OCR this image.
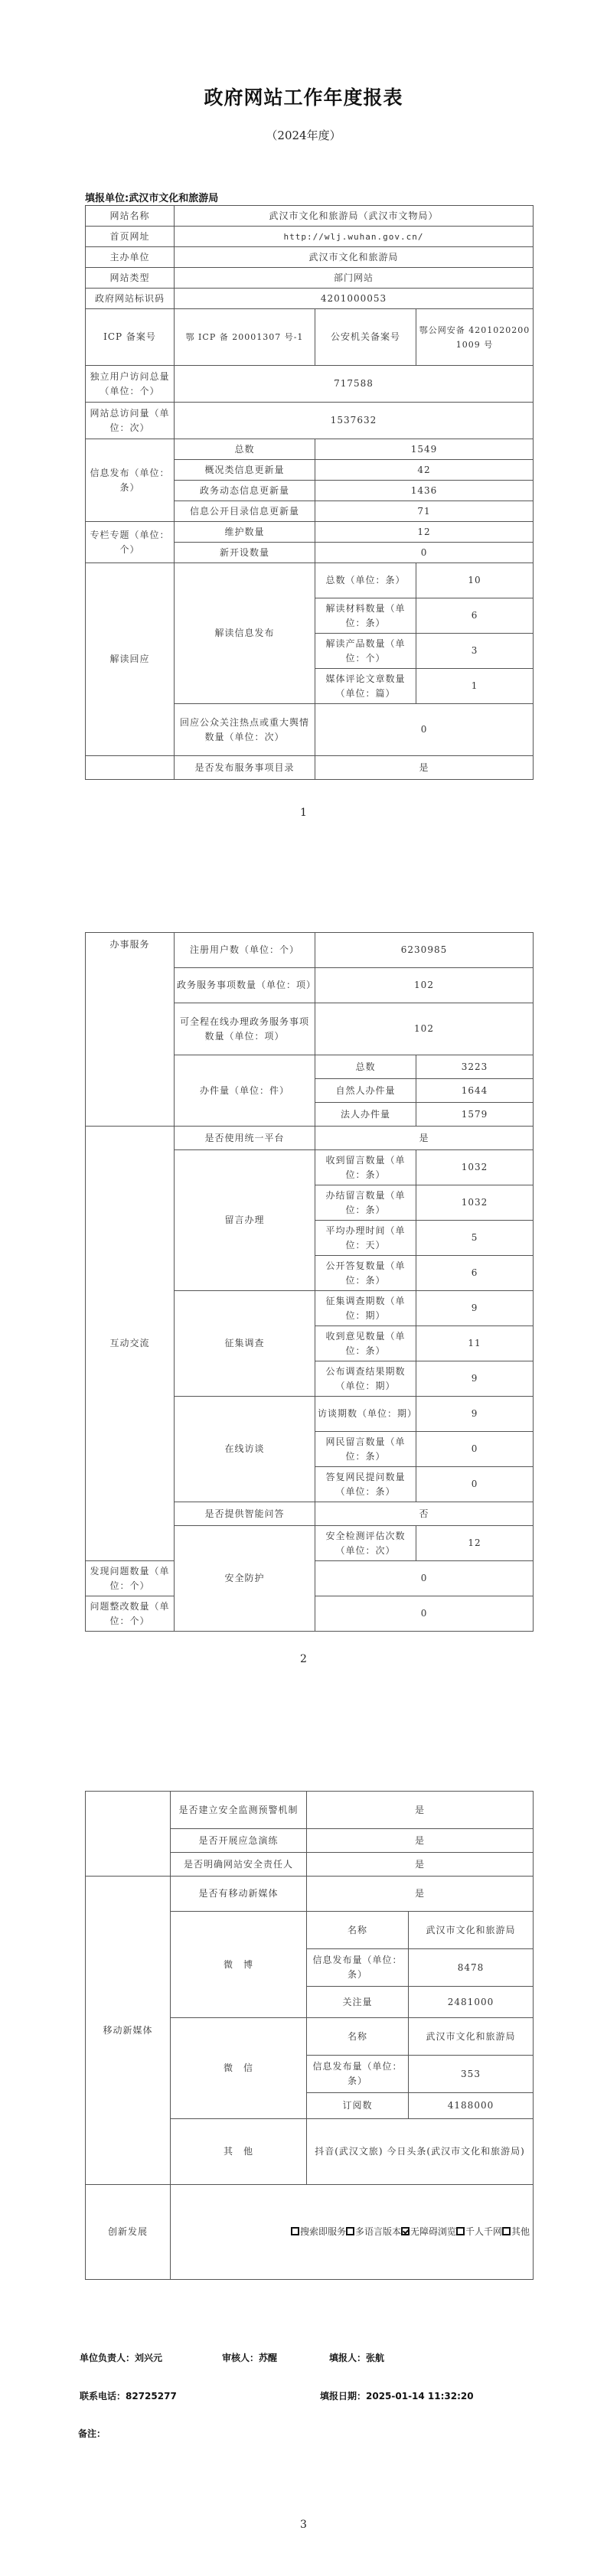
政府网站工作年度报表
（2024年度）
填报单位:武汉市文化和旅游局
网站名称	武汉市文化和旅游局（武汉市文物局）		
首页网址	http://wlj.wuhan.gov.cn/		
主办单位	武汉市文化和旅游局		
网站类型	部门网站		
政府网站标识码	4201000053		
ICP 备案号	鄂 ICP 备 20001307 号-1	公安机关备案号	鄂公网安备 42010202001009 号
独立用户访问总量（单位：个）	717588		
网站总访问量（单位：次）	1537632		
信息发布（单位：条）	总数	1549	
	概况类信息更新量	42	
	政务动态信息更新量	1436	
	信息公开目录信息更新量	71	
专栏专题（单位：个）	维护数量	12	
	新开设数量	0	
解读回应	解读信息发布	总数（单位：条）	10
		解读材料数量（单位：条）	6
		解读产品数量（单位：个）	3
		媒体评论文章数量（单位：篇）	1
	回应公众关注热点或重大舆情数量（单位：次）	0	
	是否发布服务事项目录	是	
1
办事服务	注册用户数（单位：个）	6230985	
	政务服务事项数量（单位：项）	102	
	可全程在线办理政务服务事项数量（单位：项）	102	
	办件量（单位：件）	总数	3223
		自然人办件量	1644
		法人办件量	1579
互动交流	是否使用统一平台	是	
	留言办理	收到留言数量（单位：条）	1032
		办结留言数量（单位：条）	1032
		平均办理时间（单位：天）	5
		公开答复数量（单位：条）	6
	征集调查	征集调查期数（单位：期）	9
		收到意见数量（单位：条）	11
		公布调查结果期数（单位：期）	9
	在线访谈	访谈期数（单位：期）	9
		网民留言数量（单位：条）	0
		答复网民提问数量（单位：条）	0
	是否提供智能问答	否	
	安全防护	安全检测评估次数（单位：次）	12
发现问题数量（单位：个）		0	
问题整改数量（单位：个）		0	
2
	是否建立安全监测预警机制	是	
	是否开展应急演练	是	
	是否明确网站安全责任人	是	
移动新媒体	是否有移动新媒体	是	
	微　博	名称	武汉市文化和旅游局
		信息发布量（单位：条）	8478
		关注量	2481000
	微　信	名称	武汉市文化和旅游局
		信息发布量（单位：条）	353
		订阅数	4188000
	其　他	抖音(武汉文旅) 今日头条(武汉市文化和旅游局)	
创新发展	搜索即服务 多语言版本 无障碍浏览 千人千网 其他		
单位负责人：刘兴元	审核人：苏醒	填报人：张航
联系电话：82725277	填报日期：2025-01-14 11:32:20
备注：
3
